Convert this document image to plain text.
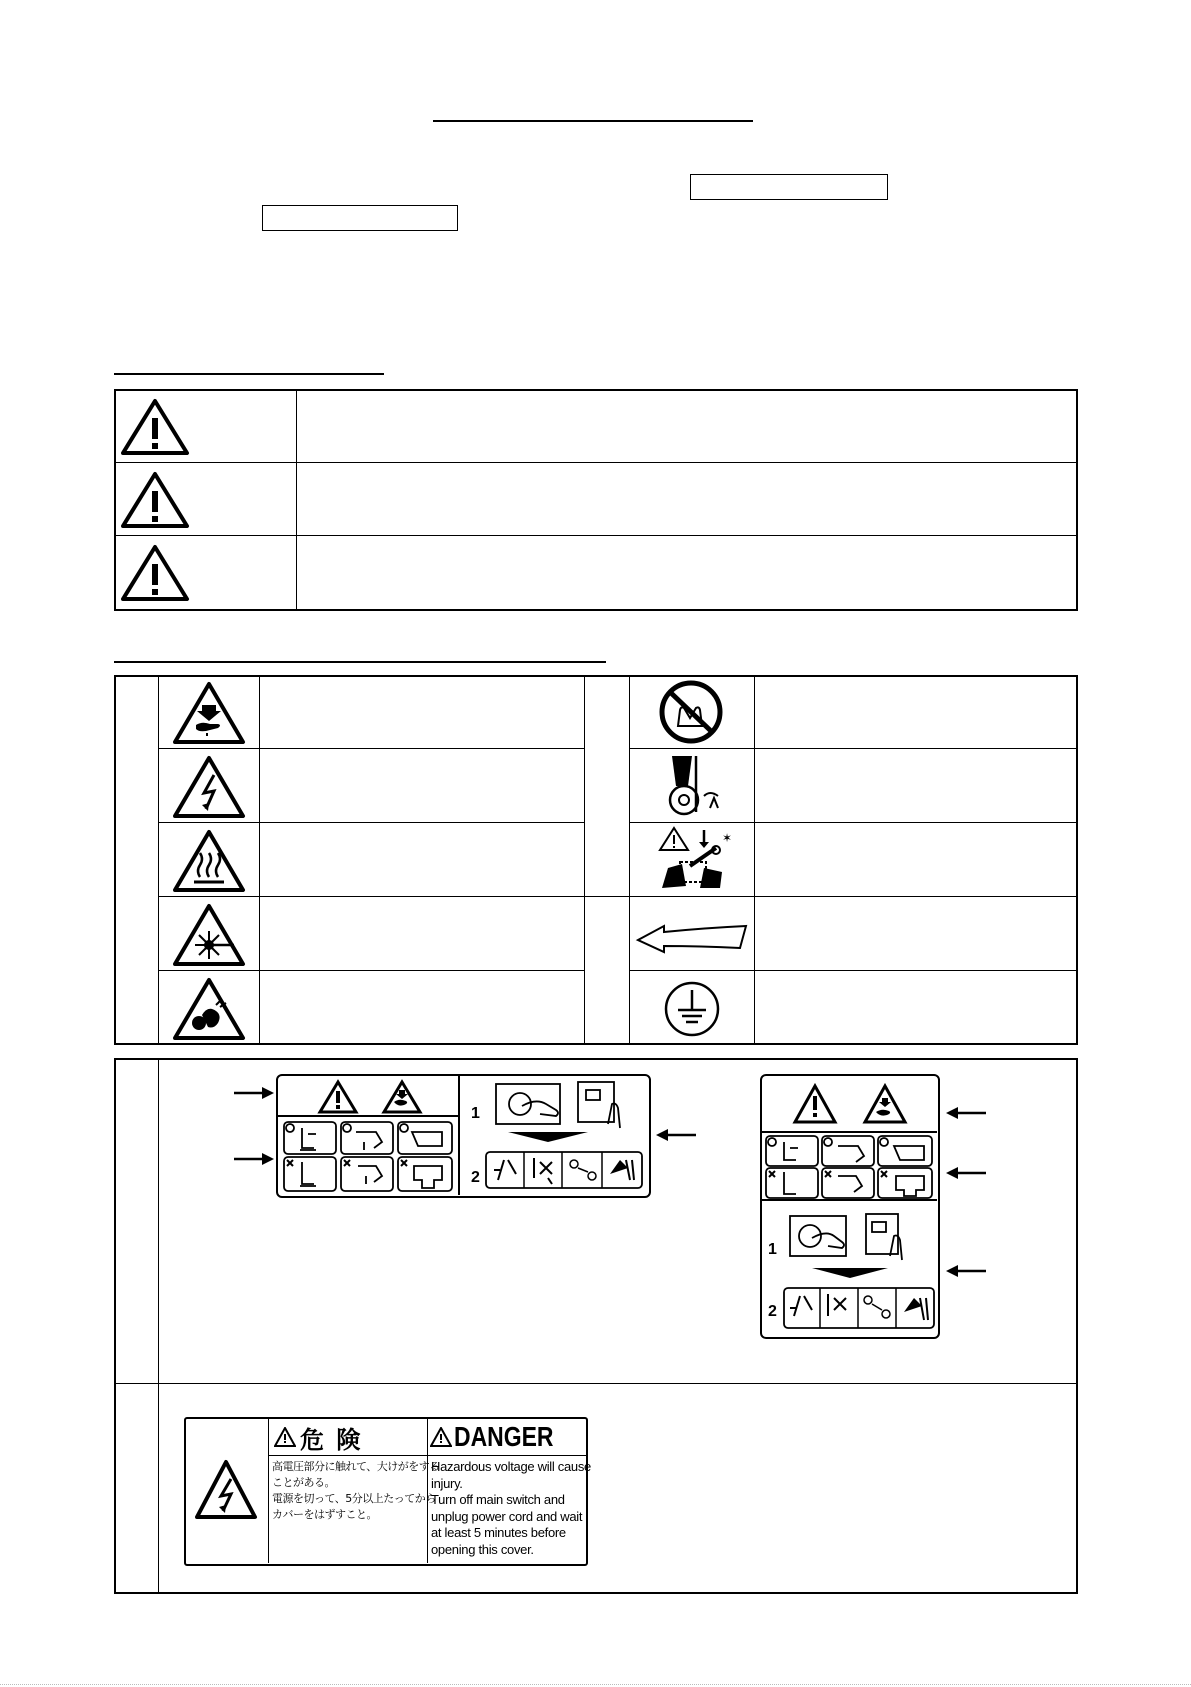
✶
1
2
1
2
危 険	DANGER
高電圧部分に触れて、大けがをする
ことがある。
電源を切って、5分以上たってから
カバーをはずすこと。
Hazardous voltage will cause
injury.
Turn off main switch and
unplug power cord and wait
at least 5 minutes before
opening this cover.
